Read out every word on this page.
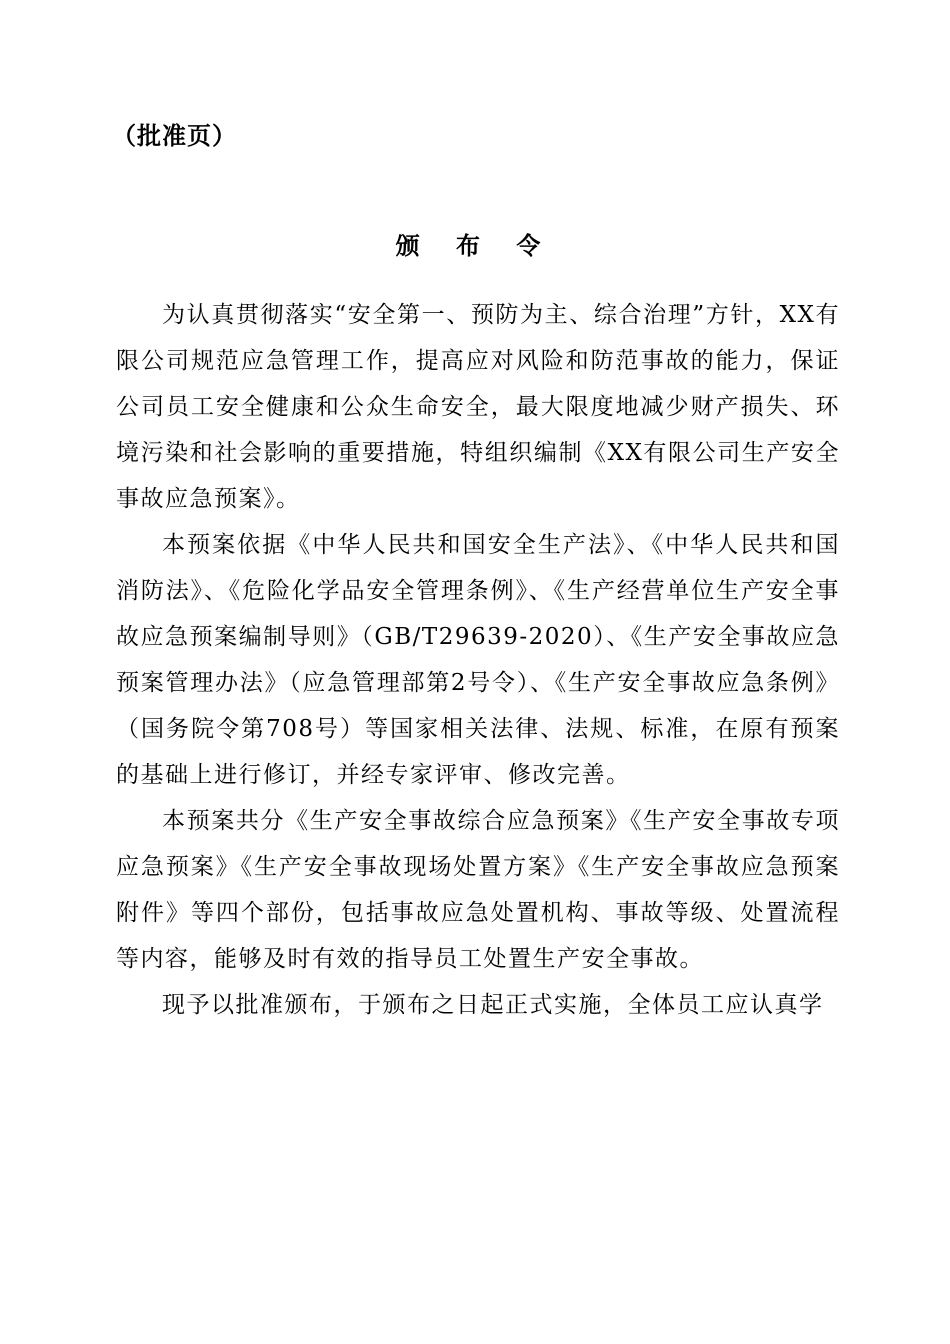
（批准页）
颁 布 令

为认真贯彻落实“安全第一、预防为主、综合治理”方针，XX有限公司规范应急管理工作，提高应对风险和防范事故的能力，保证公司员工安全健康和公众生命安全，最大限度地减少财产损失、环境污染和社会影响的重要措施，特组织编制《XX有限公司生产安全事故应急预案》。

本预案依据《中华人民共和国安全生产法》、《中华人民共和国消防法》、《危险化学品安全管理条例》、《生产经营单位生产安全事故应急预案编制导则》（GB/T29639-2020）、《生产安全事故应急预案管理办法》（应急管理部第2号令）、《生产安全事故应急条例》（国务院令第708号）等国家相关法律、法规、标准，在原有预案的基础上进行修订，并经专家评审、修改完善。

本预案共分《生产安全事故综合应急预案》《生产安全事故专项应急预案》《生产安全事故现场处置方案》《生产安全事故应急预案附件》等四个部份，包括事故应急处置机构、事故等级、处置流程等内容，能够及时有效的指导员工处置生产安全事故。

现予以批准颁布，于颁布之日起正式实施，全体员工应认真学
